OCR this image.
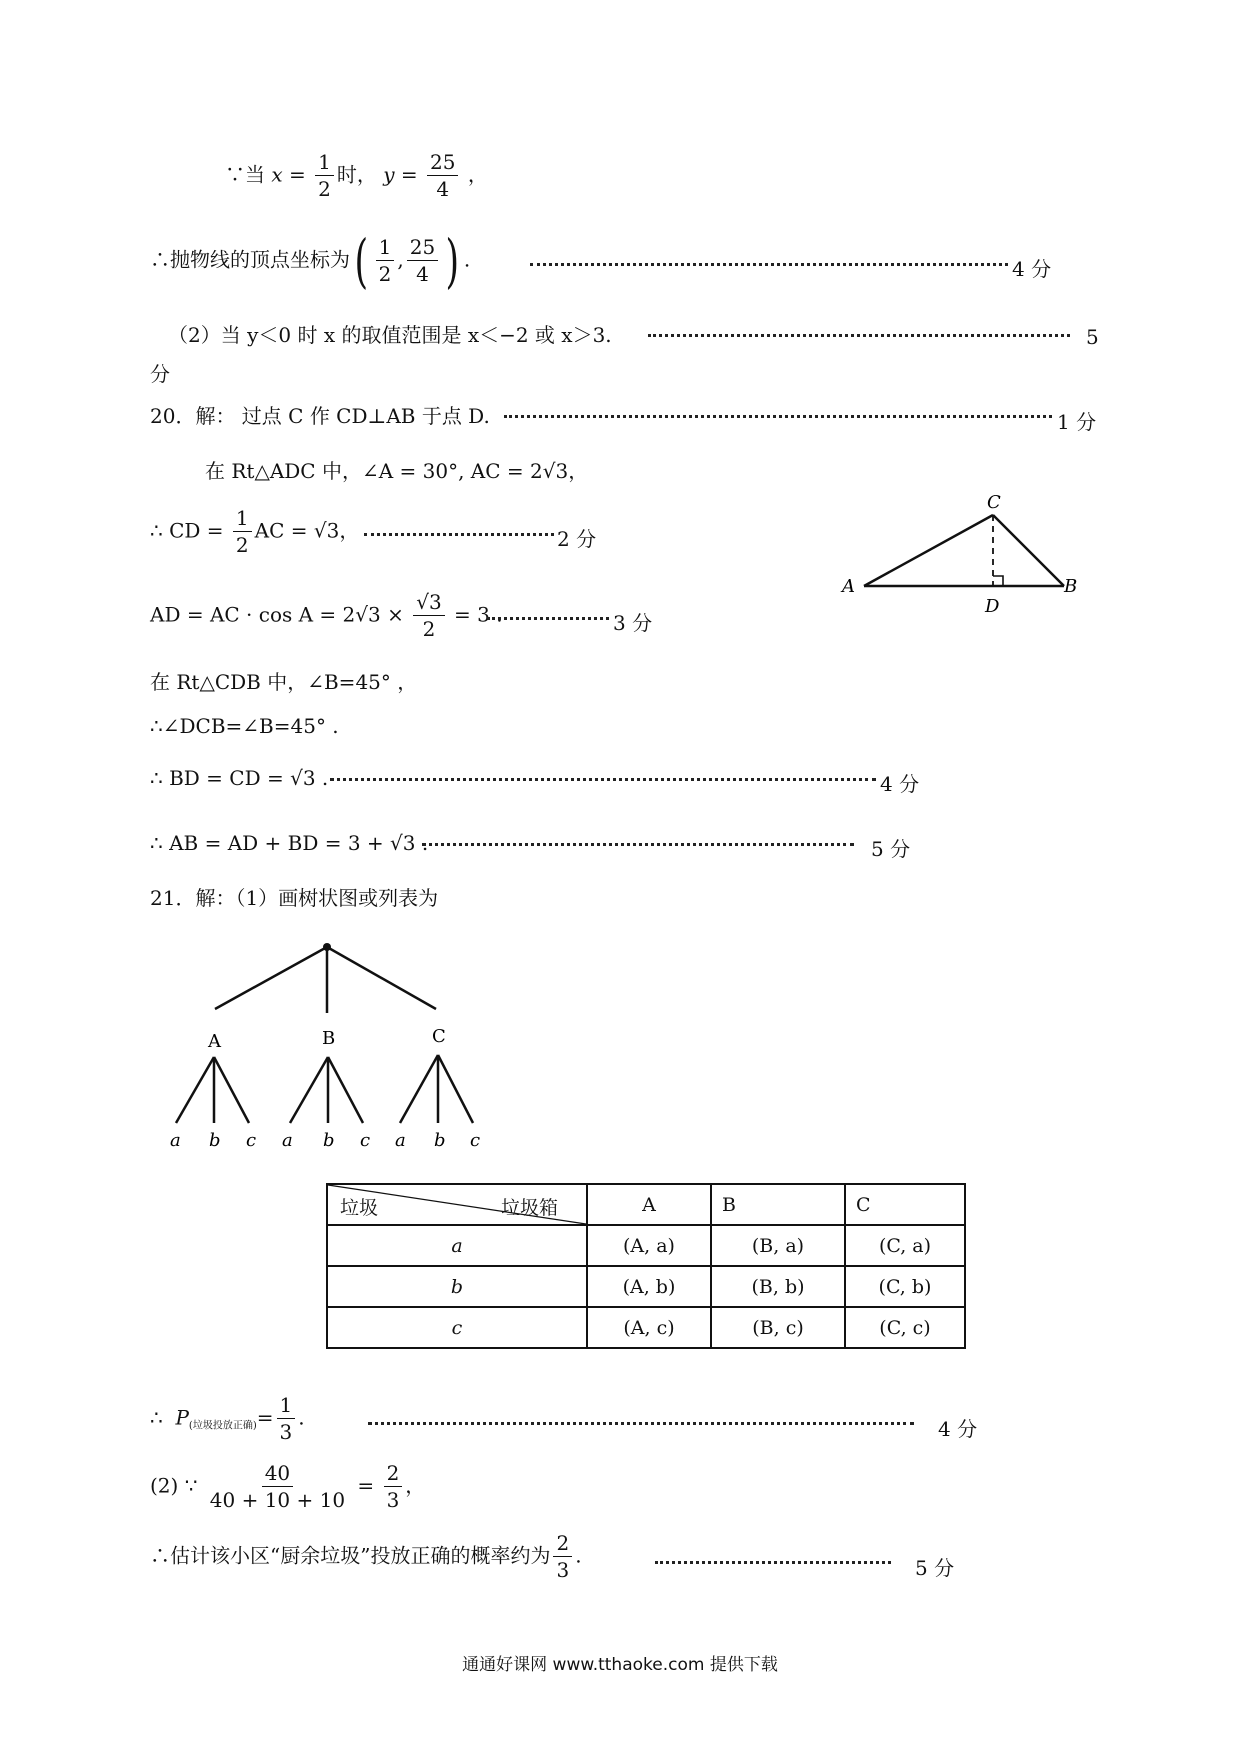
∵当 $x = \frac{1}{2}$ 时， $y = \frac{25}{4}$ ，
∴抛物线的顶点坐标为( $\frac{1}{2}$ , $\frac{25}{4}$ ) .	4 分
（2）当 y＜0 时 x 的取值范围是 x＜−2 或 x＞3.	5
分
20．解： 过点 C 作 CD⊥AB 于点 D.	1 分
在 Rt△ADC 中，∠A = 30°, AC = 2√3，
∴ CD = $\frac{1}{2}$ AC = √3，	2 分
AD = AC · $\cos A = 2√3 \times \frac{√3}{2} = 3$ .	3 分
在 Rt△CDB 中，∠B=45° ，
∴∠DCB=∠B=45° .
∴ BD = CD = √3 .	4 分
∴ AB = AD + BD = 3 + √3 .	5 分
C
A	B
D
21．解：（1）画树状图或列表为
A	B	C
a b c a b c a b c
垃圾 垃圾箱	A	B	C
a	(A, a)	(B, a)	(C, a)
b	(A, b)	(B, b)	(C, b)
c	(A, c)	(B, c)	(C, c)
∴ $P_{(垃圾投放正确)}= \frac{1}{3}$ .	4 分
(2) ∵ $\frac{40}{40 + 10 + 10} = \frac{2}{3}$ ，
∴估计该小区“厨余垃圾”投放正确的概率约为 $\frac{2}{3}$ .
5 分
通通好课网 www.tthaoke.com 提供下载
